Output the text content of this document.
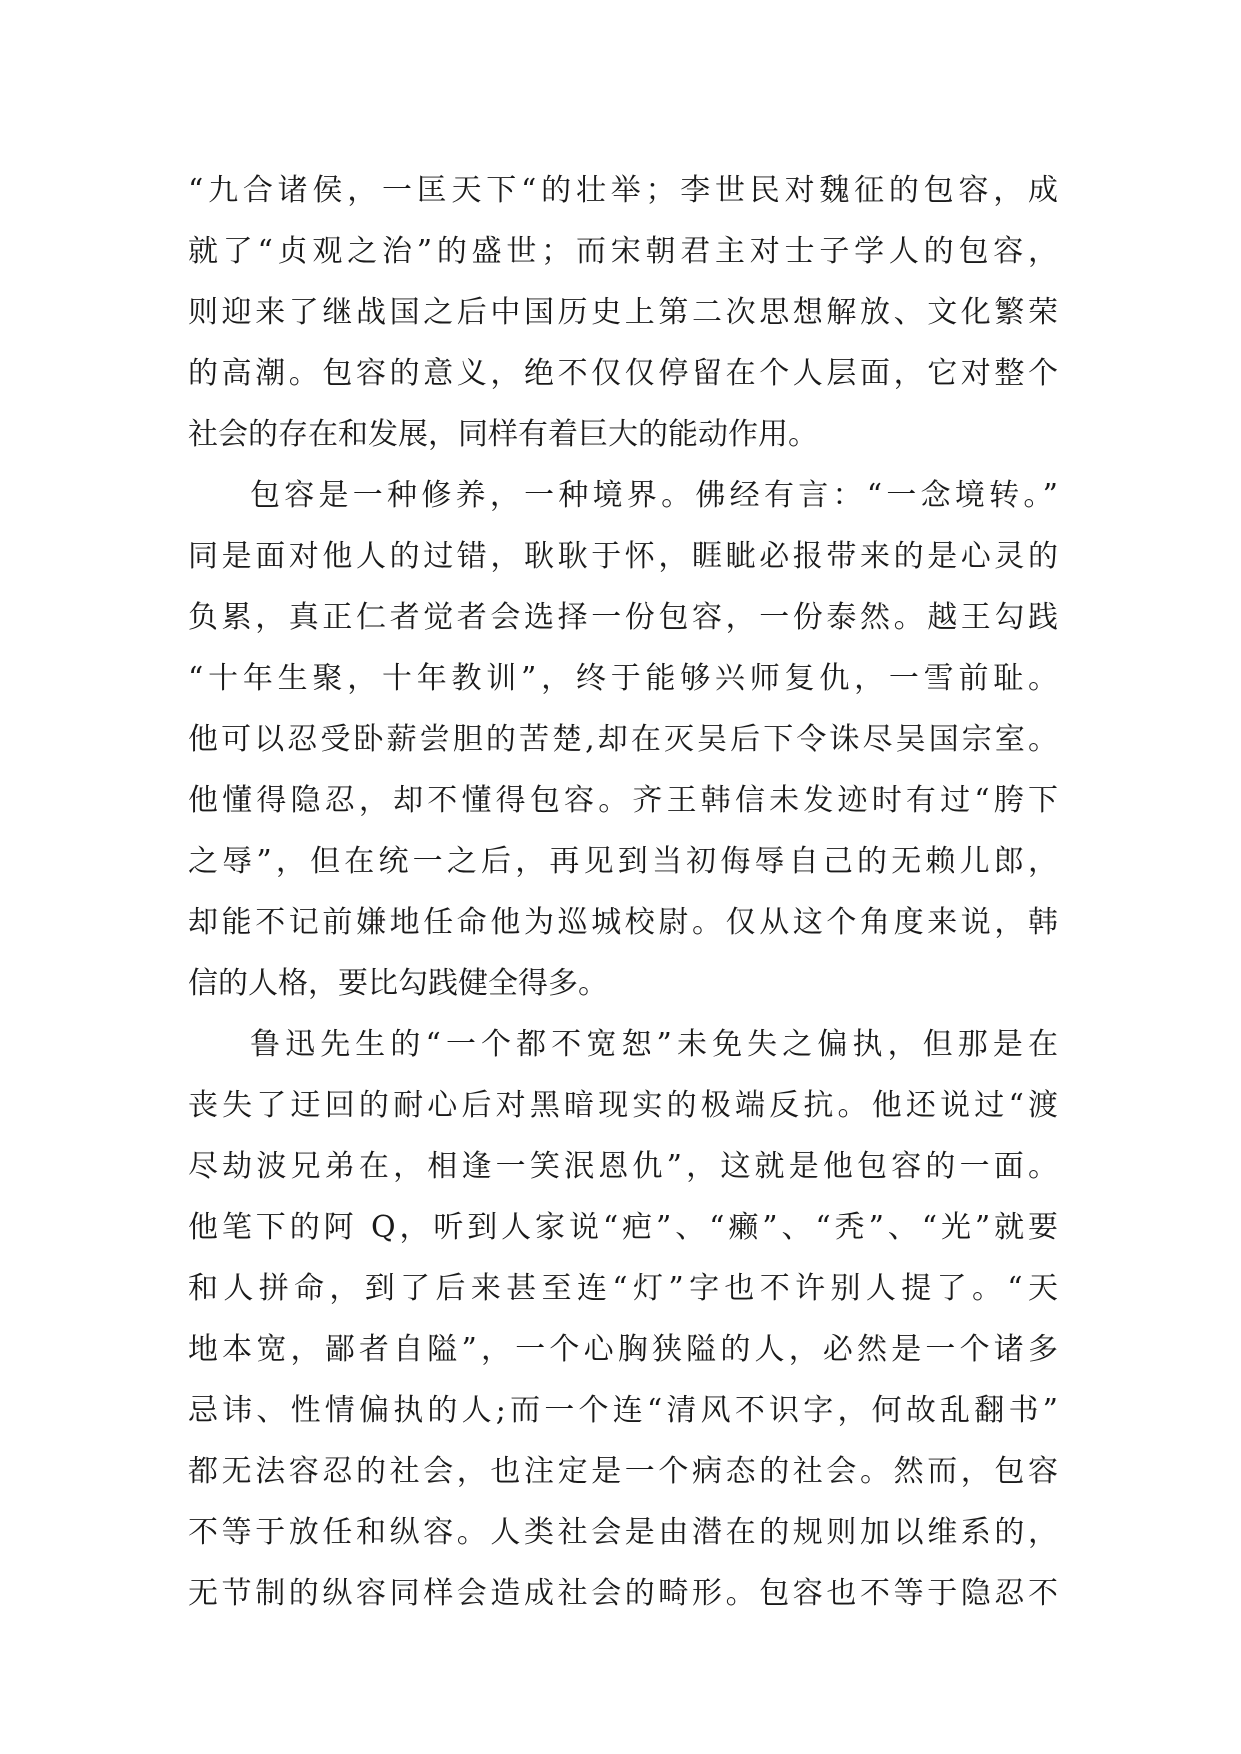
“九合诸侯，一匡天下“的壮举；李世民对魏征的包容，成
就了“贞观之治”的盛世；而宋朝君主对士子学人的包容，
则迎来了继战国之后中国历史上第二次思想解放、文化繁荣
的高潮。包容的意义，绝不仅仅停留在个人层面，它对整个
社会的存在和发展，同样有着巨大的能动作用。
包容是一种修养，一种境界。佛经有言：“一念境转。”
同是面对他人的过错，耿耿于怀，睚眦必报带来的是心灵的
负累，真正仁者觉者会选择一份包容，一份泰然。越王勾践
“十年生聚，十年教训”，终于能够兴师复仇，一雪前耻。
他可以忍受卧薪尝胆的苦楚,却在灭吴后下令诛尽吴国宗室。
他懂得隐忍，却不懂得包容。齐王韩信未发迹时有过“胯下
之辱”，但在统一之后，再见到当初侮辱自己的无赖儿郎，
却能不记前嫌地任命他为巡城校尉。仅从这个角度来说，韩
信的人格，要比勾践健全得多。
鲁迅先生的“一个都不宽恕”未免失之偏执，但那是在
丧失了迂回的耐心后对黑暗现实的极端反抗。他还说过“渡
尽劫波兄弟在，相逢一笑泯恩仇”，这就是他包容的一面。
他笔下的阿 Q，听到人家说“疤”、“癞”、“秃”、“光”就要
和人拼命，到了后来甚至连“灯”字也不许别人提了。“天
地本宽，鄙者自隘”，一个心胸狭隘的人，必然是一个诸多
忌讳、性情偏执的人;而一个连“清风不识字，何故乱翻书”
都无法容忍的社会，也注定是一个病态的社会。然而，包容
不等于放任和纵容。人类社会是由潜在的规则加以维系的，
无节制的纵容同样会造成社会的畸形。包容也不等于隐忍不
